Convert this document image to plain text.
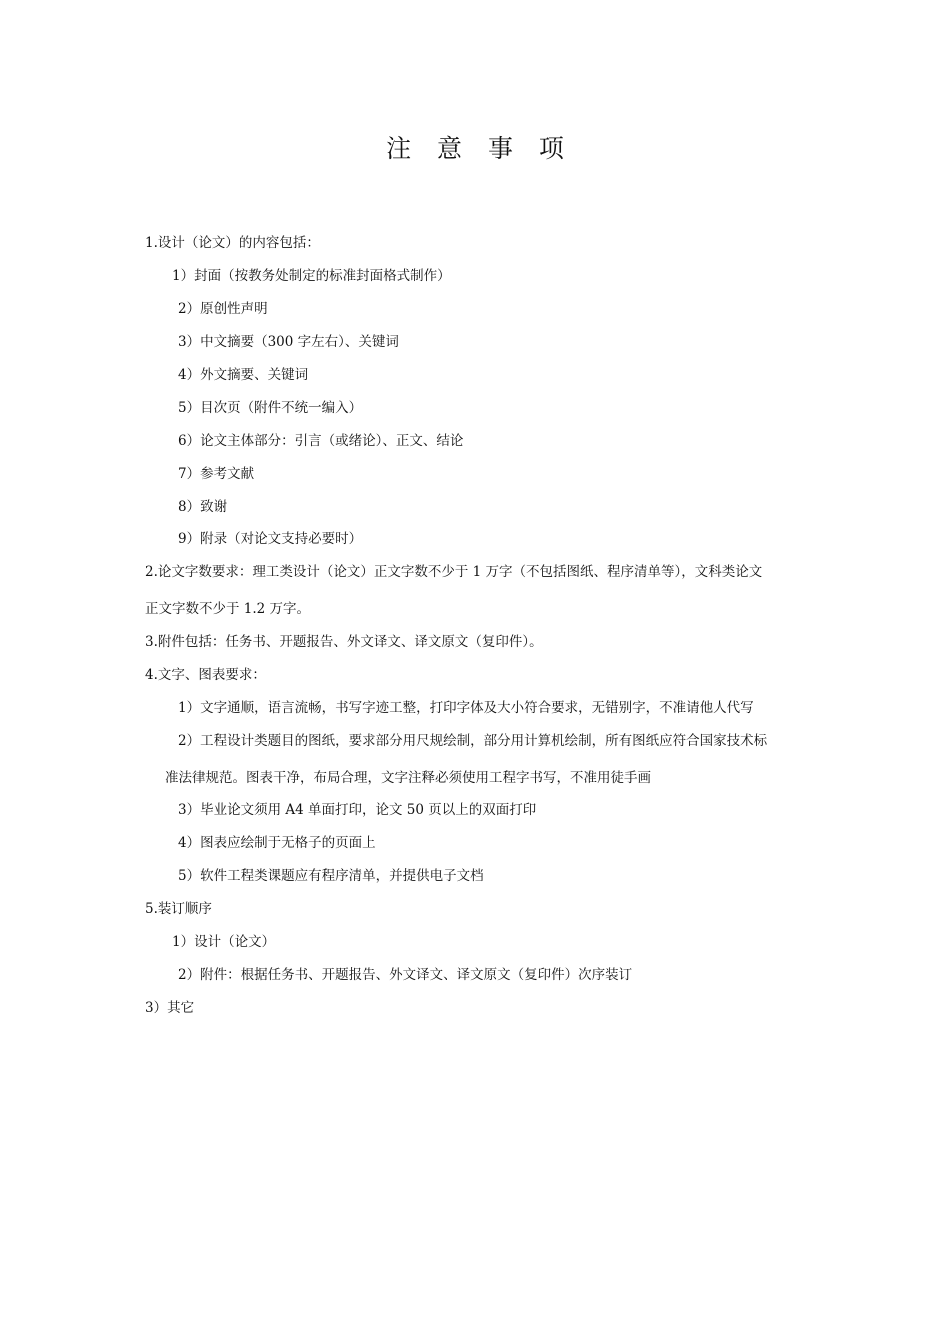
注 意 事 项
1.设计（论文）的内容包括：
1）封面（按教务处制定的标准封面格式制作）
2）原创性声明
3）中文摘要（300 字左右）、关键词
4）外文摘要、关键词
5）目次页（附件不统一编入）
6）论文主体部分：引言（或绪论）、正文、结论
7）参考文献
8）致谢
9）附录（对论文支持必要时）
2.论文字数要求：理工类设计（论文）正文字数不少于 1 万字（不包括图纸、程序清单等），文科类论文
正文字数不少于 1.2 万字。
3.附件包括：任务书、开题报告、外文译文、译文原文（复印件）。
4.文字、图表要求：
1）文字通顺，语言流畅，书写字迹工整，打印字体及大小符合要求，无错别字，不准请他人代写
2）工程设计类题目的图纸，要求部分用尺规绘制，部分用计算机绘制，所有图纸应符合国家技术标
准法律规范。图表干净，布局合理，文字注释必须使用工程字书写，不准用徒手画
3）毕业论文须用 A4 单面打印，论文 50 页以上的双面打印
4）图表应绘制于无格子的页面上
5）软件工程类课题应有程序清单，并提供电子文档
5.装订顺序
1）设计（论文）
2）附件：根据任务书、开题报告、外文译文、译文原文（复印件）次序装订
3）其它
